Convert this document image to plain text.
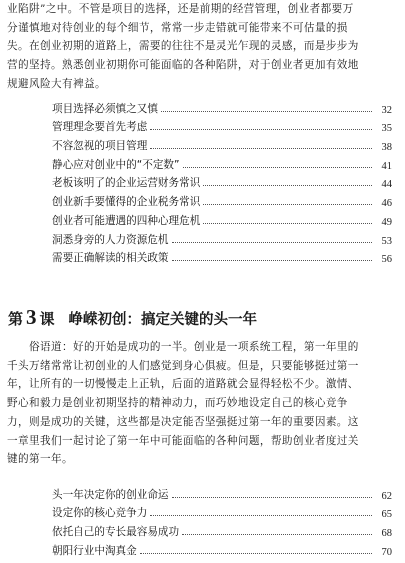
业陷阱”之中。不管是项目的选择，还是前期的经营管理，创业者都要万

分谨慎地对待创业的每个细节，常常一步走错就可能带来不可估量的损

失。在创业初期的道路上，需要的往往不是灵光乍现的灵感，而是步步为

营的坚持。熟悉创业初期你可能面临的各种陷阱，对于创业者更加有效地

规避风险大有裨益。

项目选择必须慎之又慎	32
管理理念要首先考虑	35
不容忽视的项目管理	38
静心应对创业中的“不定数”	41
老板该明了的企业运营财务常识	44
创业新手要懂得的企业税务常识	46
创业者可能遭遇的四种心理危机	49
洞悉身旁的人力资源危机	53
需要正确解读的相关政策	56
第 3 课 峥嵘初创：搞定关键的头一年

　　俗语道：好的开始是成功的一半。创业是一项系统工程，第一年里的

千头万绪常常让初创业的人们感觉到身心俱疲。但是，只要能够挺过第一

年，让所有的一切慢慢走上正轨，后面的道路就会显得轻松不少。激情、

野心和毅力是创业初期坚持的精神动力，而巧妙地设定自己的核心竞争

力，则是成功的关键，这些都是决定能否坚强挺过第一年的重要因素。这

一章里我们一起讨论了第一年中可能面临的各种问题，帮助创业者度过关

键的第一年。

头一年决定你的创业命运	62
设定你的核心竞争力	65
依托自己的专长最容易成功	68
朝阳行业中淘真金	70
